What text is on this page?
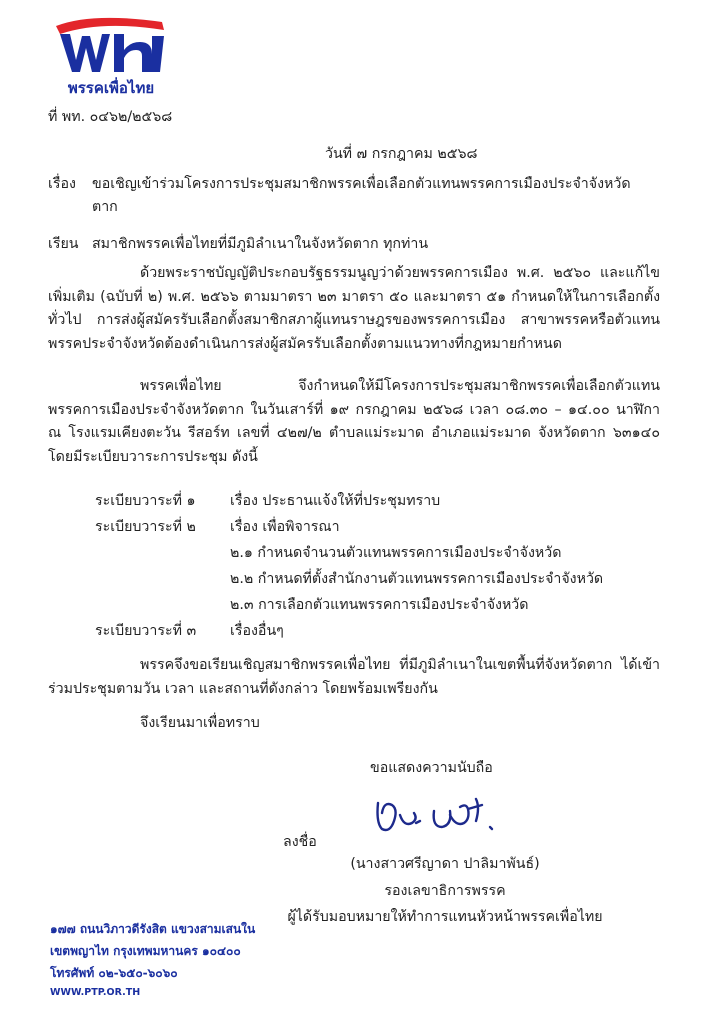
พรรคเพื่อไทย
ที่ พท. ๐๔๖๒/๒๕๖๘
วันที่ ๗ กรกฎาคม ๒๕๖๘
เรื่อง ขอเชิญเข้าร่วมโครงการประชุมสมาชิกพรรคเพื่อเลือกตัวแทนพรรคการเมืองประจำจังหวัด
ตาก
เรียน สมาชิกพรรคเพื่อไทยที่มีภูมิลำเนาในจังหวัดตาก ทุกท่าน
ด้วยพระราชบัญญัติประกอบรัฐธรรมนูญว่าด้วยพรรคการเมือง พ.ศ. ๒๕๖๐ และแก้ไขเพิ่มเติม (ฉบับที่ ๒) พ.ศ. ๒๕๖๖ ตามมาตรา ๒๓ มาตรา ๕๐ และมาตรา ๕๑ กำหนดให้ในการเลือกตั้งทั่วไป การส่งผู้สมัครรับเลือกตั้งสมาชิกสภาผู้แทนราษฎรของพรรคการเมือง สาขาพรรคหรือตัวแทนพรรคประจำจังหวัดต้องดำเนินการส่งผู้สมัครรับเลือกตั้งตามแนวทางที่กฎหมายกำหนด
พรรคเพื่อไทย จึงกำหนดให้มีโครงการประชุมสมาชิกพรรคเพื่อเลือกตัวแทนพรรคการเมืองประจำจังหวัดตาก ในวันเสาร์ที่ ๑๙ กรกฎาคม ๒๕๖๘ เวลา ๐๘.๓๐ – ๑๔.๐๐ นาฬิกา ณ โรงแรมเคียงตะวัน รีสอร์ท เลขที่ ๔๒๗/๒ ตำบลแม่ระมาด อำเภอแม่ระมาด จังหวัดตาก ๖๓๑๔๐ โดยมีระเบียบวาระการประชุม ดังนี้
ระเบียบวาระที่ ๑ เรื่อง ประธานแจ้งให้ที่ประชุมทราบ
ระเบียบวาระที่ ๒ เรื่อง เพื่อพิจารณา
๒.๑ กำหนดจำนวนตัวแทนพรรคการเมืองประจำจังหวัด
๒.๒ กำหนดที่ตั้งสำนักงานตัวแทนพรรคการเมืองประจำจังหวัด
๒.๓ การเลือกตัวแทนพรรคการเมืองประจำจังหวัด
ระเบียบวาระที่ ๓ เรื่องอื่นๆ
พรรคจึงขอเรียนเชิญสมาชิกพรรคเพื่อไทย ที่มีภูมิลำเนาในเขตพื้นที่จังหวัดตาก ได้เข้าร่วมประชุมตามวัน เวลา และสถานที่ดังกล่าว โดยพร้อมเพรียงกัน
จึงเรียนมาเพื่อทราบ
ขอแสดงความนับถือ
ลงชื่อ
(นางสาวศรีญาดา ปาลิมาพันธ์)
รองเลขาธิการพรรค
ผู้ได้รับมอบหมายให้ทำการแทนหัวหน้าพรรคเพื่อไทย
๑๗๗ ถนนวิภาวดีรังสิต แขวงสามเสนใน
เขตพญาไท กรุงเทพมหานคร ๑๐๔๐๐
โทรศัพท์ ๐๒-๖๕๐-๖๐๖๐
WWW.PTP.OR.TH
